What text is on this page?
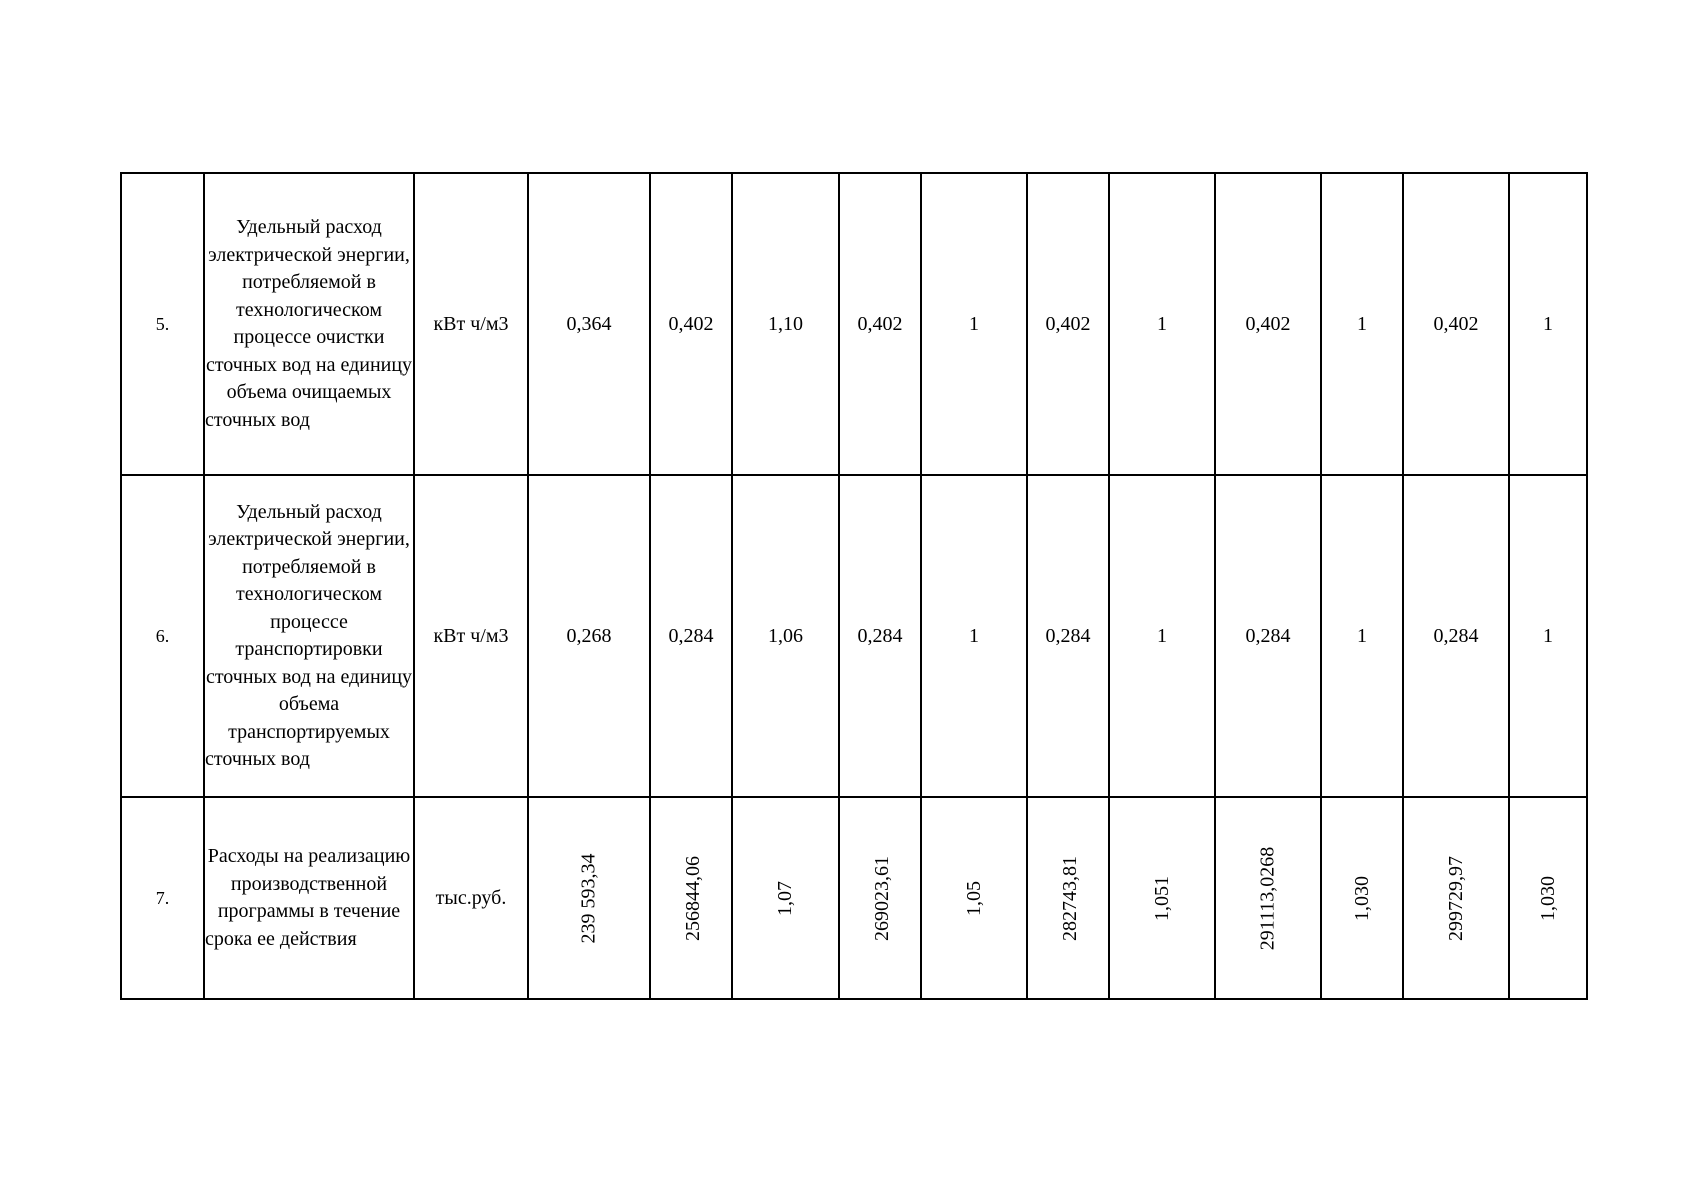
5.	Удельный расход электрической энергии, потребляемой в технологическом процессе очистки сточных вод на единицу объема очищаемых сточных вод	кВт ч/м3	0,364	0,402	1,10	0,402	1	0,402	1	0,402	1	0,402	1
6.	Удельный расход электрической энергии, потребляемой в технологическом процессе транспортировки сточных вод на единицу объема транспортируемых сточных вод	кВт ч/м3	0,268	0,284	1,06	0,284	1	0,284	1	0,284	1	0,284	1
7.	Расходы на реализацию производственной программы в течение срока ее действия	тыс.руб.	239 593,34	256844,06	1,07	269023,61	1,05	282743,81	1,051	291113,0268	1,030	299729,97	1,030
